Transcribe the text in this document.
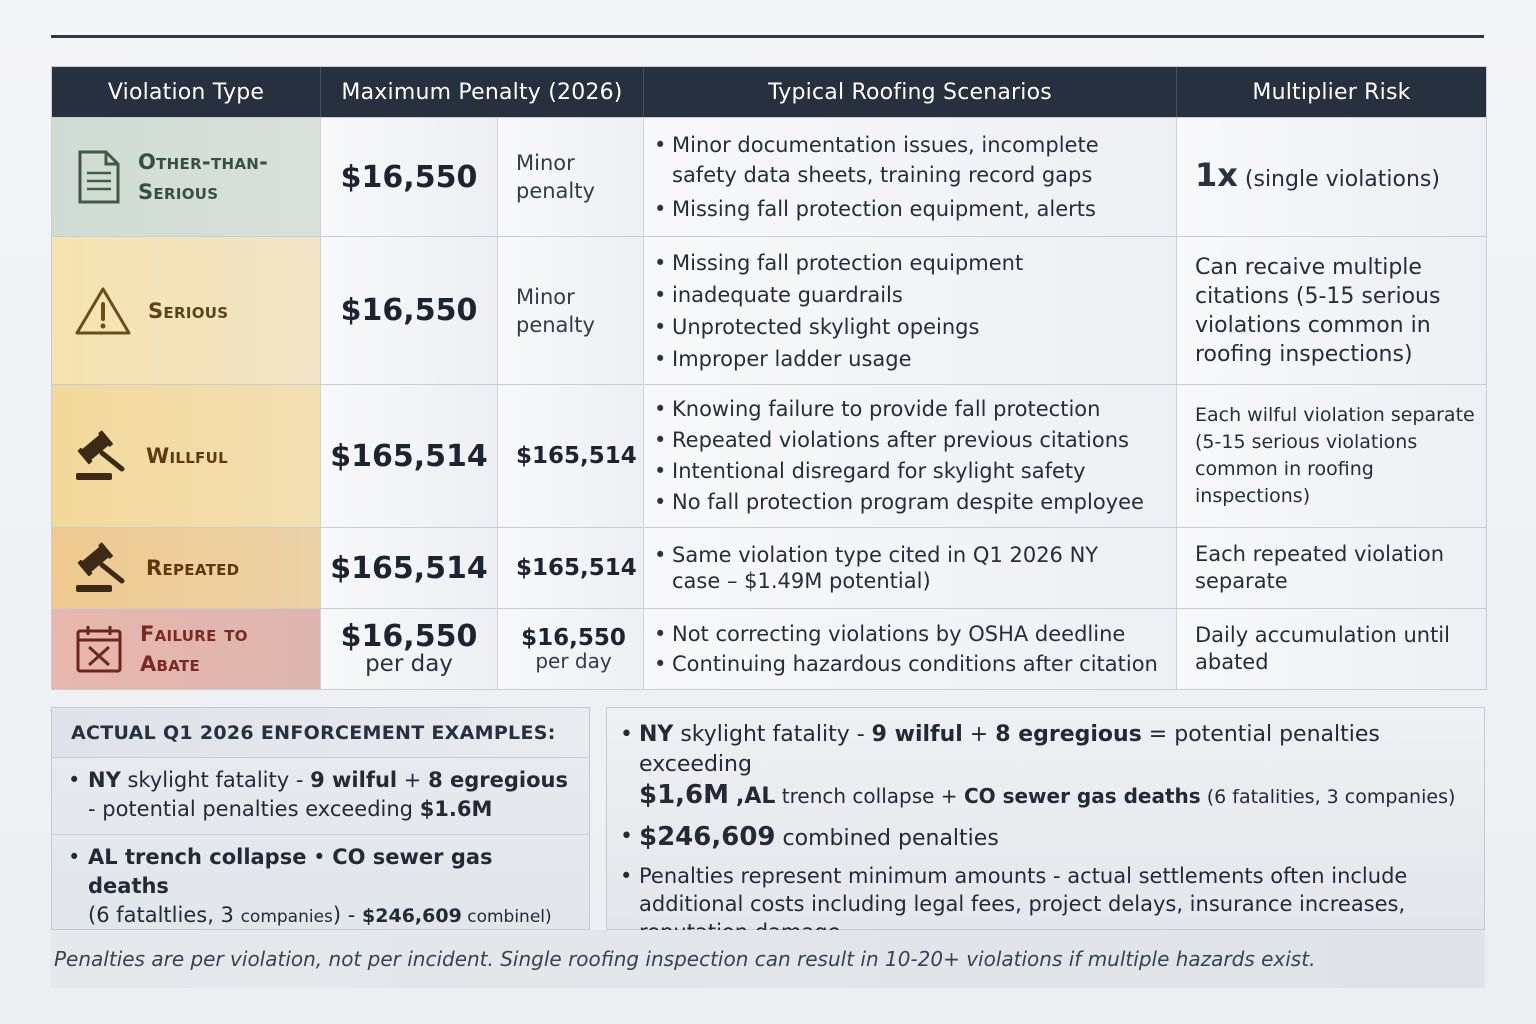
Violation Type	Maximum Penalty (2026)	Typical Roofing Scenarios	Multiplier Risk
Other-than-Serious	$16,550 Minor penalty
• Minor documentation issues, incomplete safety data sheets, training record gaps
• Missing fall protection equipment, alerts
1x (single violations)
Serious	$16,550 Minor penalty
• Missing fall protection equipment
• inadequate guardrails
• Unprotected skylight opeings
• Improper ladder usage
Can recaive multiple citations (5-15 serious violations common in roofing inspections)
Willful	$165,514 $165,514
• Knowing failure to provide fall protection
• Repeated violations after previous citations
• Intentional disregard for skylight safety
• No fall protection program despite employee
Each wilful violation separate (5-15 serious violations common in roofing inspections)
Repeated	$165,514 $165,514
•	Same violation type cited in Q1 2026 NY case – $1.49M potential)
Each repeated violation separate
Failure to Abate
$16,550
per day
$16,550
per day
• Not correcting violations by OSHA deedline
• Continuing hazardous conditions after citation
Daily accumulation until abated
ACTUAL Q1 2026 ENFORCEMENT EXAMPLES:
• NY skylight fatality - 9 wilful + 8 egregious - potential penalties exceeding $1.6M
• AL trench collapse • CO sewer gas deaths
(6 fataltlies, 3 companies) - $246,609 combinel)
• NY skylight fatality - 9 wilful + 8 egregious = potential penalties exceeding
$1,6M ,AL trench collapse + CO sewer gas deaths (6 fatalities, 3 companies)
• $246,609 combined penalties
• Penalties represent minimum amounts - actual settlements often include additional costs including legal fees, project delays, insurance increases,
Penalties are per violation, not per incident. Single roofing inspection can result in 10-20+ violations if multiple hazards exist.
